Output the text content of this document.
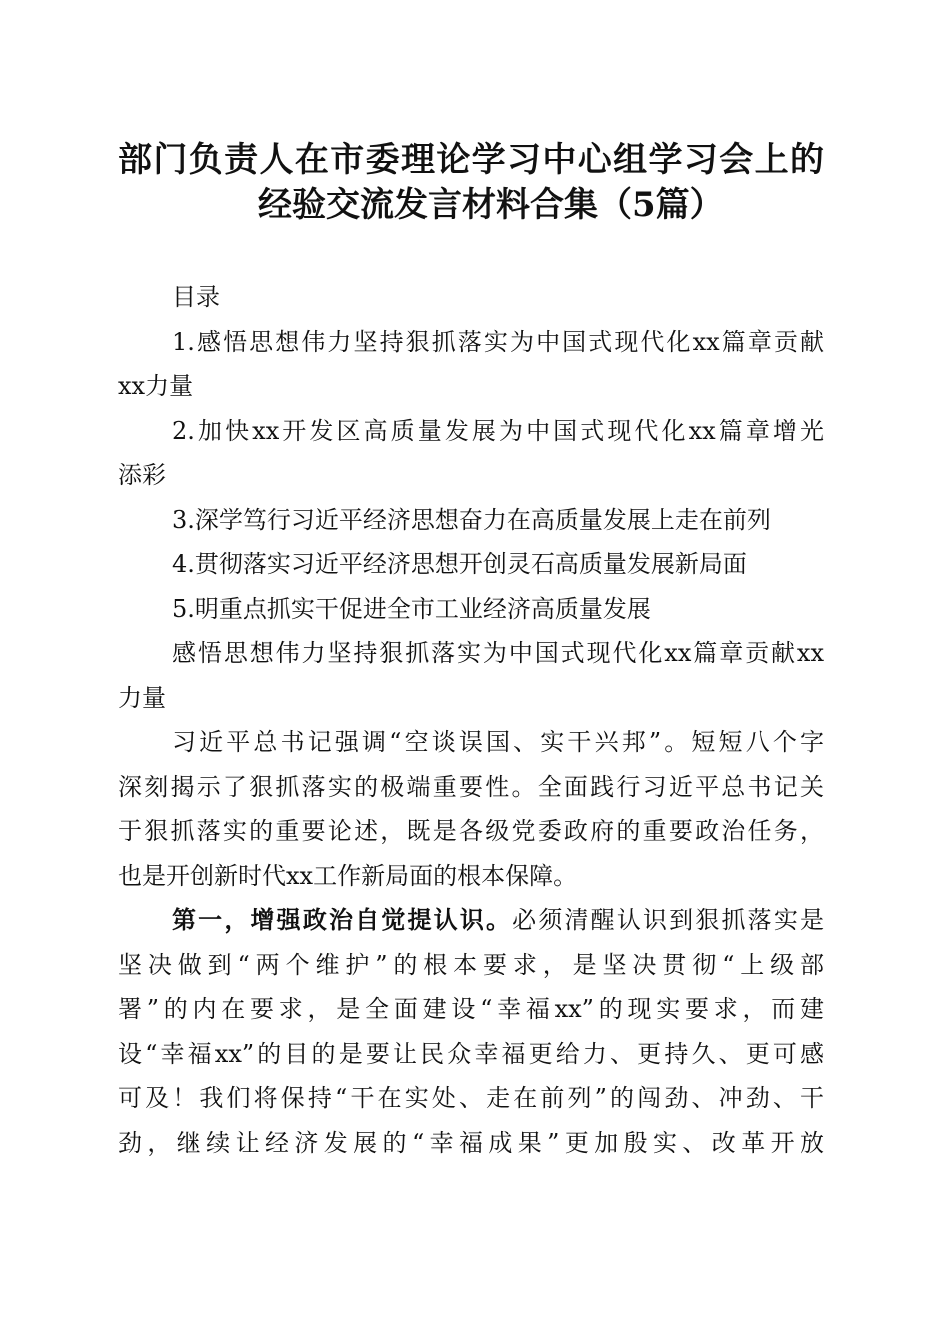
部门负责人在市委理论学习中心组学习会上的
经验交流发言材料合集（5篇）
目录
1.感悟思想伟力坚持狠抓落实为中国式现代化xx篇章贡献
xx力量
2.加快xx开发区高质量发展为中国式现代化xx篇章增光
添彩
3.深学笃行习近平经济思想奋力在高质量发展上走在前列
4.贯彻落实习近平经济思想开创灵石高质量发展新局面
5.明重点抓实干促进全市工业经济高质量发展
感悟思想伟力坚持狠抓落实为中国式现代化xx篇章贡献xx
力量
习近平总书记强调“空谈误国、实干兴邦”。短短八个字
深刻揭示了狠抓落实的极端重要性。全面践行习近平总书记关
于狠抓落实的重要论述，既是各级党委政府的重要政治任务，
也是开创新时代xx工作新局面的根本保障。
第一，增强政治自觉提认识。必须清醒认识到狠抓落实是
坚决做到“两个维护”的根本要求，是坚决贯彻“上级部
署”的内在要求，是全面建设“幸福xx”的现实要求，而建
设“幸福xx”的目的是要让民众幸福更给力、更持久、更可感
可及！我们将保持“干在实处、走在前列”的闯劲、冲劲、干
劲，继续让经济发展的“幸福成果”更加殷实、改革开放
